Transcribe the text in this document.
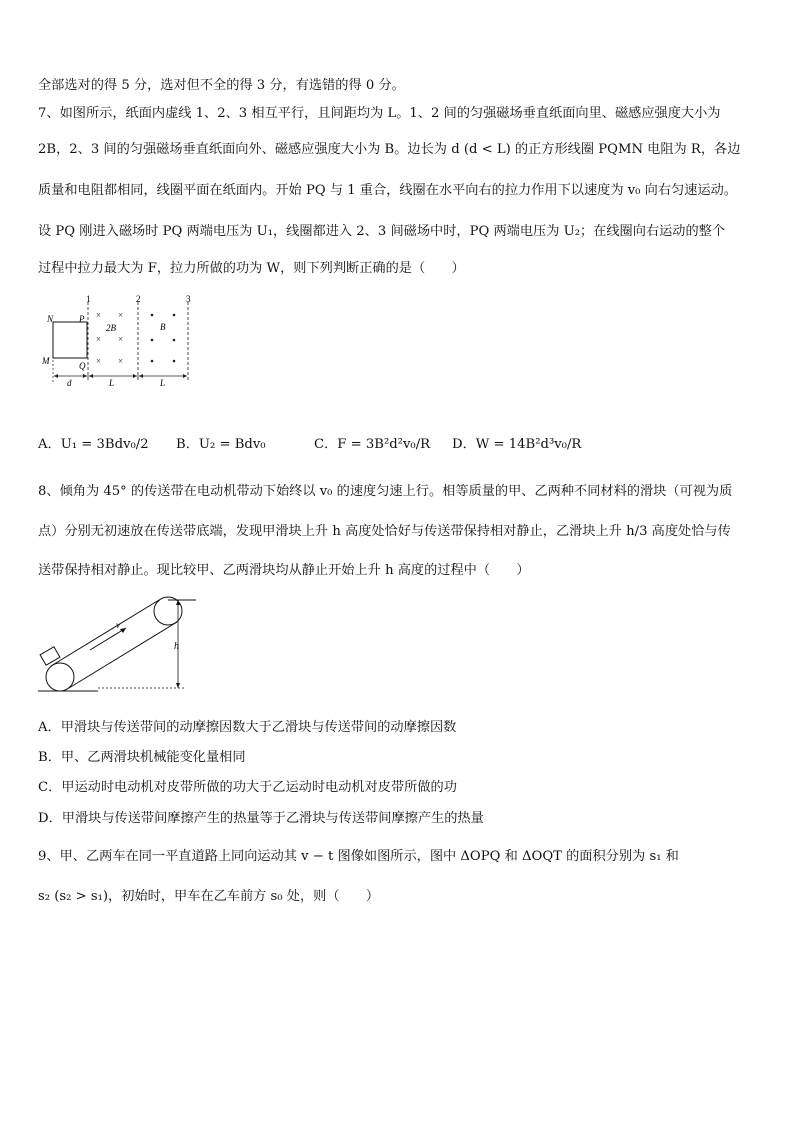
全部选对的得 5 分，选对但不全的得 3 分，有选错的得 0 分。
7、如图所示，纸面内虚线 1、2、3 相互平行，且间距均为 L。1、2 间的匀强磁场垂直纸面向里、磁感应强度大小为
2B，2、3 间的匀强磁场垂直纸面向外、磁感应强度大小为 B。边长为 d (d < L) 的正方形线圈 PQMN 电阻为 R，各边
质量和电阻都相同，线圈平面在纸面内。开始 PQ 与 1 重合，线圈在水平向右的拉力作用下以速度为 v₀ 向右匀速运动。
设 PQ 刚进入磁场时 PQ 两端电压为 U₁，线圈都进入 2、3 间磁场中时，PQ 两端电压为 U₂；在线圈向右运动的整个
过程中拉力最大为 F，拉力所做的功为 W，则下列判断正确的是（　　）
1	2	3
N	P
M	Q
× ×
× ×
× ×
2B	B
d	L	L
A．U₁ = 3Bdv₀/2 B．U₂ = Bdv₀	C．F = 3B²d²v₀/R D．W = 14B²d³v₀/R
8、倾角为 45° 的传送带在电动机带动下始终以 v₀ 的速度匀速上行。相等质量的甲、乙两种不同材料的滑块（可视为质
点）分别无初速放在传送带底端，发现甲滑块上升 h 高度处恰好与传送带保持相对静止，乙滑块上升 h/3 高度处恰与传
送带保持相对静止。现比较甲、乙两滑块均从静止开始上升 h 高度的过程中（　　）
v
h
A．甲滑块与传送带间的动摩擦因数大于乙滑块与传送带间的动摩擦因数
B．甲、乙两滑块机械能变化量相同
C．甲运动时电动机对皮带所做的功大于乙运动时电动机对皮带所做的功
D．甲滑块与传送带间摩擦产生的热量等于乙滑块与传送带间摩擦产生的热量
9、甲、乙两车在同一平直道路上同向运动其 v − t 图像如图所示，图中 ΔOPQ 和 ΔOQT 的面积分别为 s₁ 和
s₂ (s₂ > s₁)，初始时，甲车在乙车前方 s₀ 处，则（　　）
